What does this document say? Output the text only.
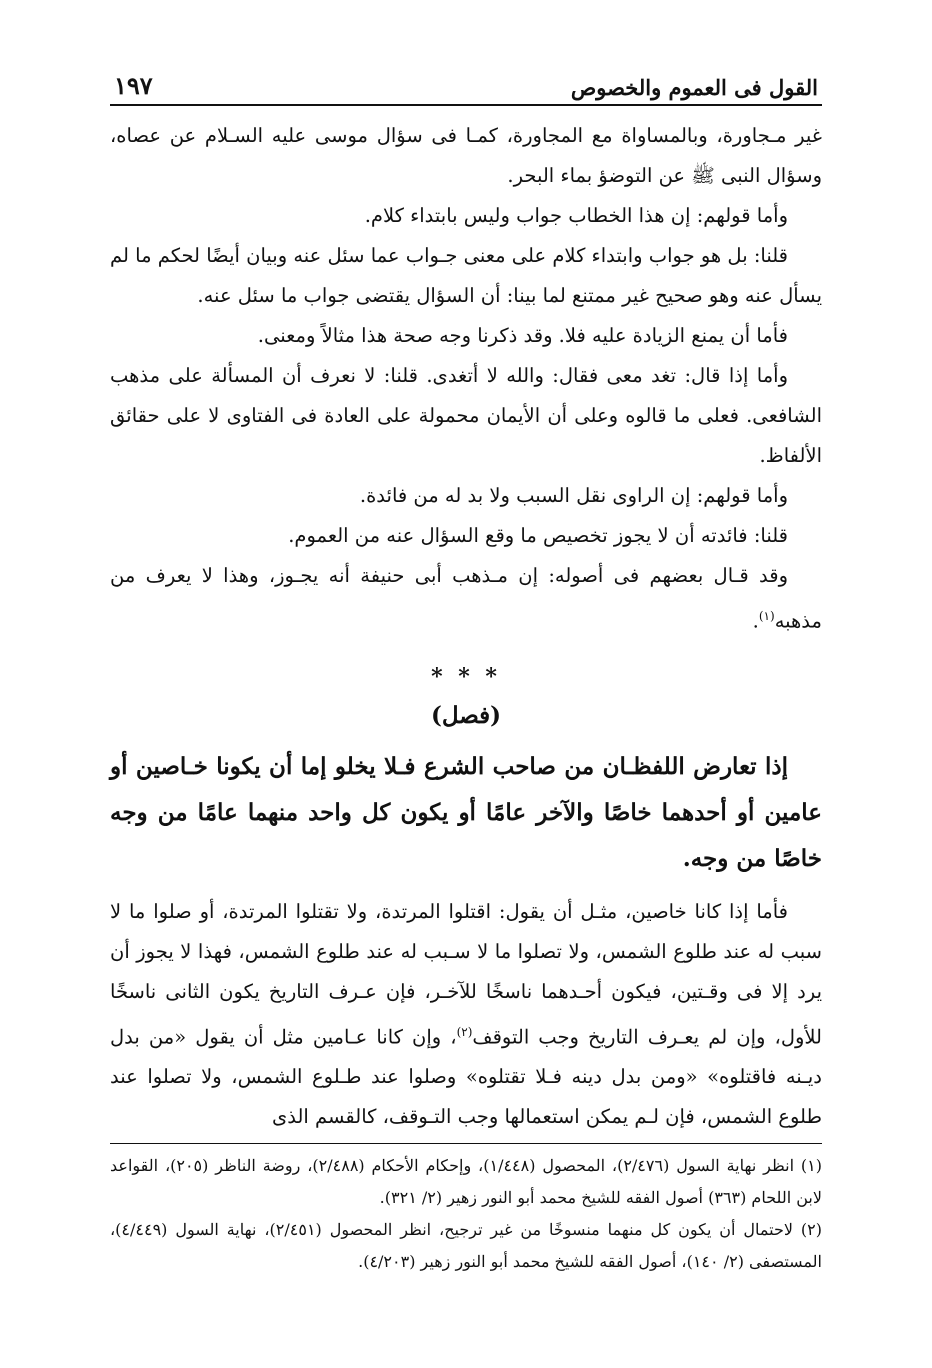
القول فى العموم والخصوص
١٩٧

غير مـجاورة، وبالمساواة مع المجاورة، كمـا فى سؤال موسى عليه السـلام عن عصاه، وسؤال النبى ﷺ عن التوضؤ بماء البحر.

وأما قولهم: إن هذا الخطاب جواب وليس بابتداء كلام.

قلنا: بل هو جواب وابتداء كلام على معنى جـواب عما سئل عنه وبيان أيضًا لحكم ما لم يسأل عنه وهو صحيح غير ممتنع لما بينا: أن السؤال يقتضى جواب ما سئل عنه.

فأما أن يمنع الزيادة عليه فلا. وقد ذكرنا وجه صحة هذا مثالاً ومعنى.

وأما إذا قال: تغد معى فقال: والله لا أتغدى. قلنا: لا نعرف أن المسألة على مذهب الشافعى. فعلى ما قالوه وعلى أن الأيمان محمولة على العادة فى الفتاوى لا على حقائق الألفاظ.

وأما قولهم: إن الراوى نقل السبب ولا بد له من فائدة.

قلنا: فائدته أن لا يجوز تخصيص ما وقع السؤال عنه من العموم.

وقد قـال بعضهم فى أصوله: إن مـذهب أبى حنيفة أنه يجـوز، وهذا لا يعرف من مذهبه$^{(١)}$.

* * *
(فصل)

إذا تعارض اللفظـان من صاحب الشرع فـلا يخلو إما أن يكونا خـاصين أو عامين أو أحدهما خاصًا والآخر عامًا أو يكون كل واحد منهما عامًا من وجه خاصًا من وجه.

فأما إذا كانا خاصين، مثـل أن يقول: اقتلوا المرتدة، ولا تقتلوا المرتدة، أو صلوا ما لا سبب له عند طلوع الشمس، ولا تصلوا ما لا سـبب له عند طلوع الشمس، فهذا لا يجوز أن يرد إلا فى وقـتين، فيكون أحـدهما ناسخًا للآخـر، فإن عـرف التاريخ يكون الثانى ناسخًا للأول، وإن لم يعـرف التاريخ وجب التوقف$^{(٢)}$، وإن كانا عـامين مثل أن يقول «من بدل ديـنه فاقتلوه» «ومن بدل دينه فـلا تقتلوه» وصلوا عند طـلوع الشمس، ولا تصلوا عند طلوع الشمس، فإن لـم يمكن استعمالها وجب التـوقف، كالقسم الذى

(١) انظر نهاية السول (٢/٤٧٦)، المحصول (١/٤٤٨)، وإحكام الأحكام (٢/٤٨٨)، روضة الناظر (٢٠٥)، القواعد لابن اللحام (٣٦٣) أصول الفقه للشيخ محمد أبو النور زهير (٢/ ٣٢١).

(٢) لاحتمال أن يكون كل منهما منسوخًا من غير ترجيح، انظر المحصول (٢/٤٥١)، نهاية السول (٤/٤٤٩)، المستصفى (٢/ ١٤٠)، أصول الفقه للشيخ محمد أبو النور زهير (٤/٢٠٣).
